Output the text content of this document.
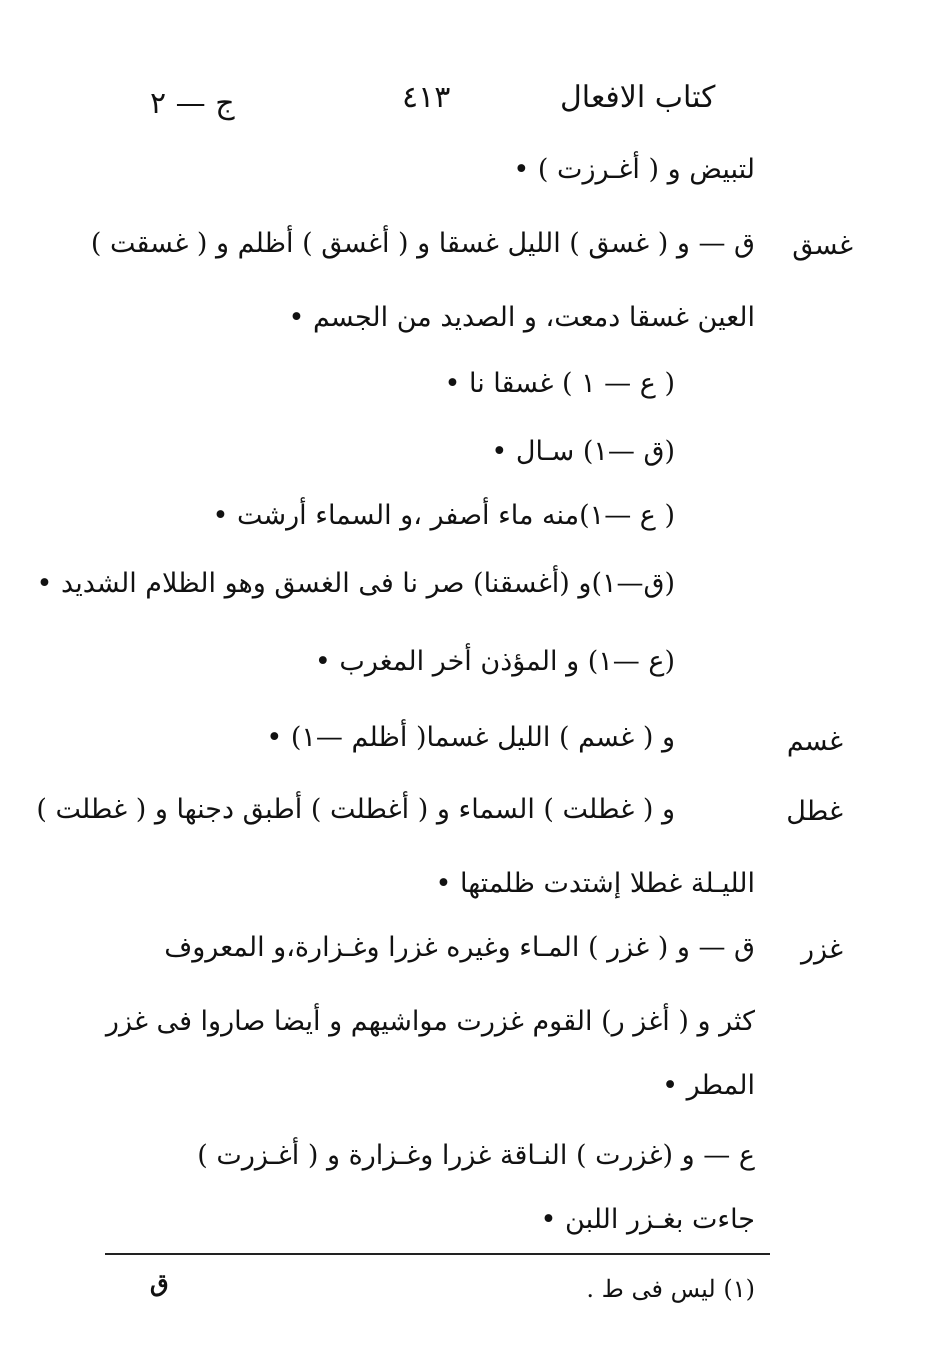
كتاب الافعال
٤١٣
ج — ٢
لتبيض و ( أغـرزت ) •
غسق
ق — و ( غسق ) الليل غسقا و ( أغسق ) أظلم و ( غسقت )
العين غسقا دمعت، و الصديد من الجسم •
( ع — ١ ) غسقا نا •
(ق —١) سـال •
( ع —١)منه ماء أصفر ،و السماء أرشت •
(ق—١)و (أغسقنا) صر نا فى الغسق وهو الظلام الشديد •
(ع —١) و المؤذن أخر المغرب •
غسم
و ( غسم ) الليل غسما( أظلم —١) •
غطل
و ( غطلت ) السماء و ( أغطلت ) أطبق دجنها و ( غطلت )
الليـلة غطلا إشتدت ظلمتها •
غزر
ق — و ( غزر ) المـاء وغيره غزرا وغـزارة،و المعروف
كثر و ( أغز ر) القوم غزرت مواشيهم و أيضا صاروا فى غزر
المطر •
ع — و (غزرت ) النـاقة غزرا وغـزارة و ( أغـزرت )
جاءت بغـزر اللبن •
(١) ليس فى ط .
ق
